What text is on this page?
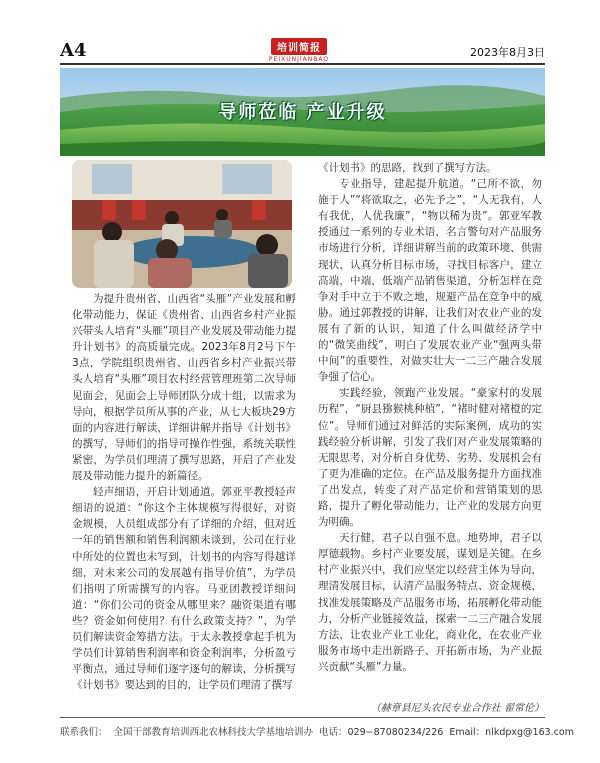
A4	培训简报
PEIXUNJIANBAO
2023年8月3日
导师莅临 产业升级

为提升贵州省、山西省“头雁”产业发展和孵化带动能力，保证《贵州省、山西省乡村产业振兴带头人培育“头雁”项目产业发展及带动能力提升计划书》的高质量完成。2023年8月2号下午3点，学院组织贵州省、山西省乡村产业振兴带头人培育“头雁”项目农村经营管理班第二次导师见面会，见面会上导师团队分成十组，以需求为导向，根据学员所从事的产业，从七大板块29方面的内容进行解读，详细讲解并指导《计划书》的撰写，导师们的指导可操作性强，系统关联性紧密，为学员们理清了撰写思路，开启了产业发展及带动能力提升的新篇径。

轻声细语，开启计划通道。郭亚平教授轻声细语的说道：“你这个主体规模写得很好，对资金规模，人员组成部分有了详细的介绍，但对近一年的销售额和销售利润额未谈到，公司在行业中所处的位置也未写到，计划书的内容写得越详细，对未来公司的发展越有指导价值”，为学员们指明了所需撰写的内容。马亚团教授详细问道：“你们公司的资金从哪里来？融资渠道有哪些？资金如何使用？有什么政策支持？”，为学员们解读资金筹措方法。于太永教授拿起手机为学员们计算销售利润率和资金利润率，分析盈亏平衡点，通过导师们逐字逐句的解读，分析撰写《计划书》要达到的目的，让学员们理清了撰写

《计划书》的思路，找到了撰写方法。

专业指导，建起提升航道。“己所不欲，勿施于人”“将欲取之，必先予之”，“人无我有，人有我优，人优我廉”，“物以稀为贵”。郭亚军教授通过一系列的专业术语，名言警句对产品服务市场进行分析，详细讲解当前的政策环境、供需现状，认真分析目标市场，寻找目标客户，建立高端，中端，低端产品销售渠道，分析怎样在竞争对手中立于不败之地，规避产品在竞争中的威胁。通过郭教授的讲解，让我们对农业产业的发展有了新的认识，知道了什么叫做经济学中的“微笑曲线”，明白了发展农业产业“强两头带中间”的重要性，对做实壮大一二三产融合发展争强了信心。

实践经验，领跑产业发展。“豪家村的发展历程”，“厨县猕猴桃种植”，“褚时健对褚橙的定位”。导师们通过对鲜活的实际案例，成功的实践经验分析讲解，引发了我们对产业发展策略的无限思考，对分析自身优势、劣势、发展机会有了更为准确的定位。在产品及服务提升方面找准了出发点，转变了对产品定价和营销策划的思路，提升了孵化带动能力，让产业的发展方向更为明确。

天行健，君子以自强不息。地势坤，君子以厚德载物。乡村产业要发展，谋划是关键。在乡村产业振兴中，我们应坚定以经营主体为导向，理清发展目标，认清产品服务特点、资金规模，找准发展策略及产品服务市场，拓展孵化带动能力，分析产业链接效益，探索一二三产融合发展方法，让农业产业工业化，商业化，在农业产业服务市场中走出新路子、开拓新市场，为产业振兴贡献“头雁”力量。

（赫章县尼头农民专业合作社 翟常伦）
联系我们： 全国干部教育培训西北农林科技大学基地培训办 电话：029−87080234/226 Email：nlkdpxg@163.com
